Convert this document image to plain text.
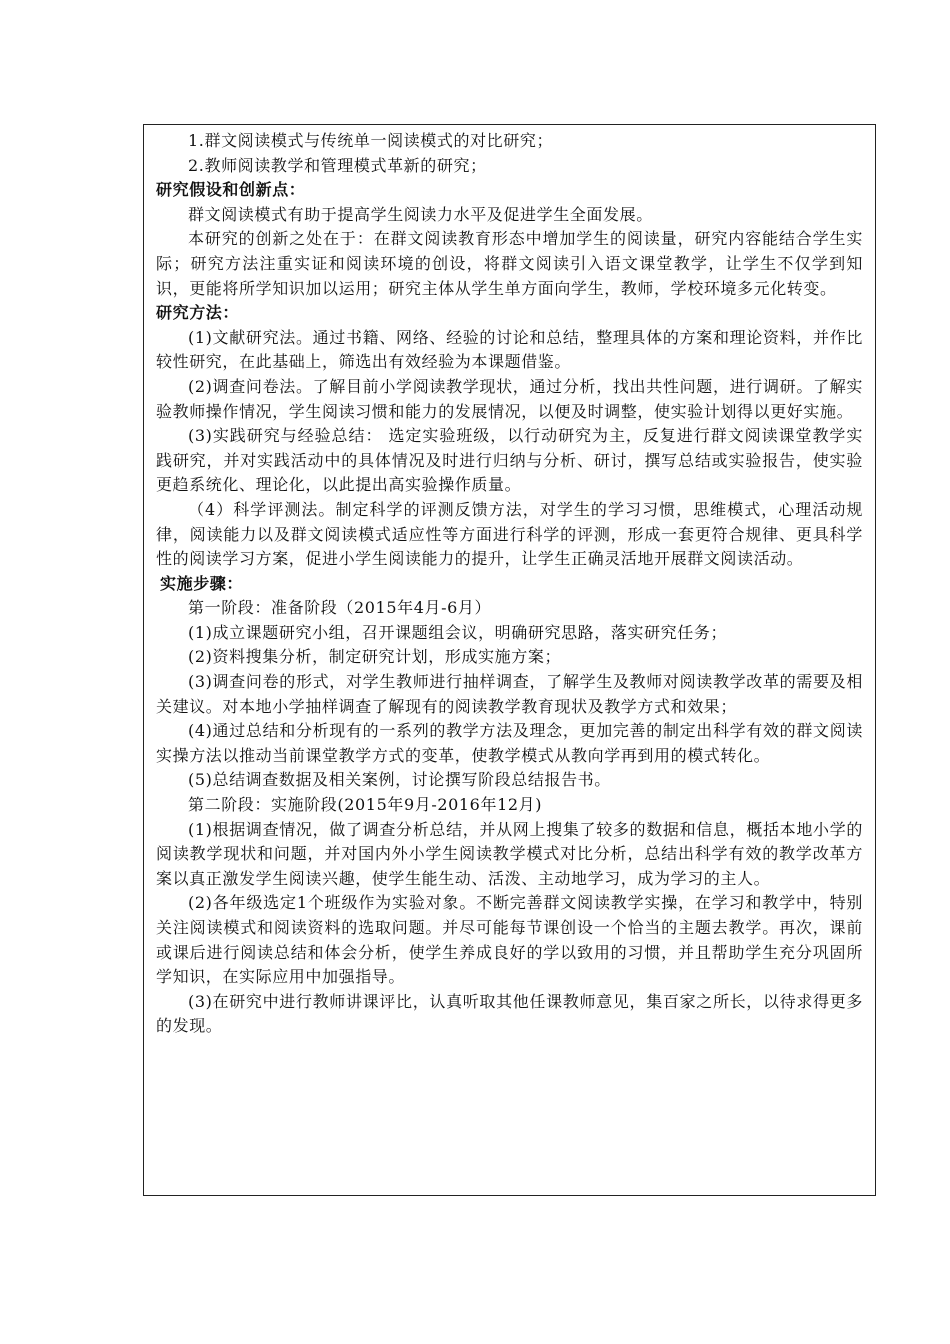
1.群文阅读模式与传统单一阅读模式的对比研究；

2.教师阅读教学和管理模式革新的研究；

研究假设和创新点：

群文阅读模式有助于提高学生阅读力水平及促进学生全面发展。

本研究的创新之处在于：在群文阅读教育形态中增加学生的阅读量，研究内容能结合学生实际；研究方法注重实证和阅读环境的创设，将群文阅读引入语文课堂教学，让学生不仅学到知识，更能将所学知识加以运用；研究主体从学生单方面向学生，教师，学校环境多元化转变。

研究方法：

(1)文献研究法。通过书籍、网络、经验的讨论和总结，整理具体的方案和理论资料，并作比较性研究，在此基础上，筛选出有效经验为本课题借鉴。

(2)调查问卷法。了解目前小学阅读教学现状，通过分析，找出共性问题，进行调研。了解实验教师操作情况，学生阅读习惯和能力的发展情况，以便及时调整，使实验计划得以更好实施。

(3)实践研究与经验总结： 选定实验班级，以行动研究为主，反复进行群文阅读课堂教学实践研究，并对实践活动中的具体情况及时进行归纳与分析、研讨，撰写总结或实验报告，使实验更趋系统化、理论化，以此提出高实验操作质量。

（4）科学评测法。制定科学的评测反馈方法，对学生的学习习惯，思维模式，心理活动规律，阅读能力以及群文阅读模式适应性等方面进行科学的评测，形成一套更符合规律、更具科学性的阅读学习方案，促进小学生阅读能力的提升，让学生正确灵活地开展群文阅读活动。

实施步骤：

第一阶段：准备阶段（2015年4月-6月）

(1)成立课题研究小组，召开课题组会议，明确研究思路，落实研究任务；

(2)资料搜集分析，制定研究计划，形成实施方案；

(3)调查问卷的形式，对学生教师进行抽样调查，了解学生及教师对阅读教学改革的需要及相关建议。对本地小学抽样调查了解现有的阅读教学教育现状及教学方式和效果；

(4)通过总结和分析现有的一系列的教学方法及理念，更加完善的制定出科学有效的群文阅读实操方法以推动当前课堂教学方式的变革，使教学模式从教向学再到用的模式转化。

(5)总结调查数据及相关案例，讨论撰写阶段总结报告书。

第二阶段：实施阶段(2015年9月-2016年12月)

(1)根据调查情况，做了调查分析总结，并从网上搜集了较多的数据和信息，概括本地小学的阅读教学现状和问题，并对国内外小学生阅读教学模式对比分析，总结出科学有效的教学改革方案以真正激发学生阅读兴趣，使学生能生动、活泼、主动地学习，成为学习的主人。

(2)各年级选定1个班级作为实验对象。不断完善群文阅读教学实操，在学习和教学中，特别关注阅读模式和阅读资料的选取问题。并尽可能每节课创设一个恰当的主题去教学。再次，课前或课后进行阅读总结和体会分析，使学生养成良好的学以致用的习惯，并且帮助学生充分巩固所学知识，在实际应用中加强指导。

(3)在研究中进行教师讲课评比，认真听取其他任课教师意见，集百家之所长，以待求得更多的发现。
